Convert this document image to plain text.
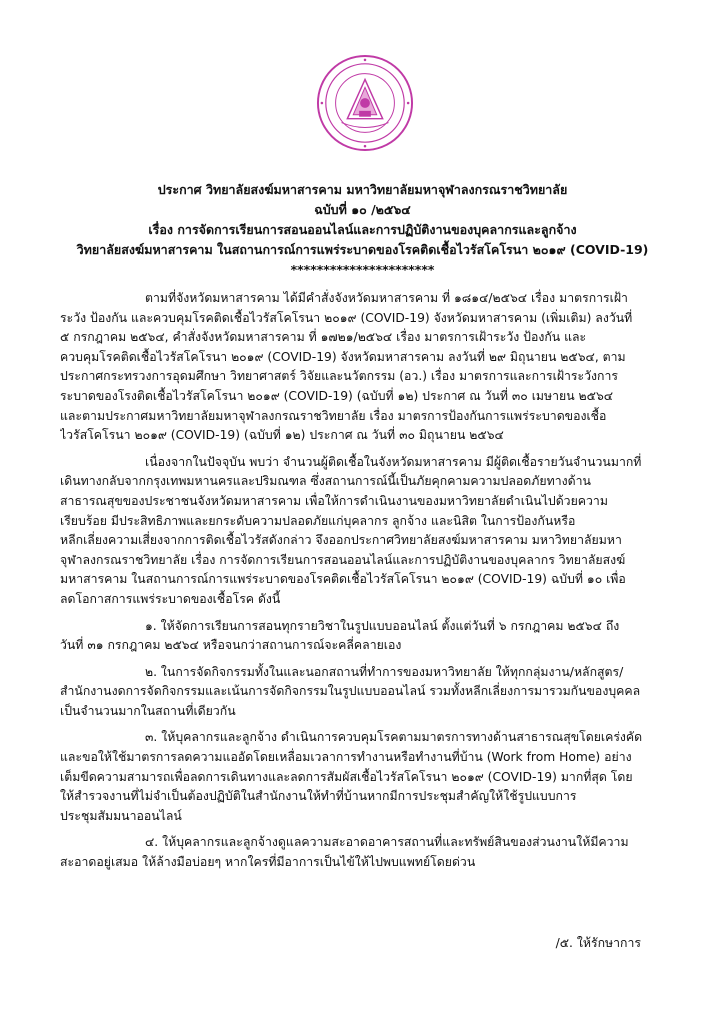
ประกาศ วิทยาลัยสงฆ์มหาสารคาม มหาวิทยาลัยมหาจุฬาลงกรณราชวิทยาลัย
ฉบับที่ ๑๐ /๒๕๖๔
เรื่อง การจัดการเรียนการสอนออนไลน์และการปฏิบัติงานของบุคลากรและลูกจ้าง
วิทยาลัยสงฆ์มหาสารคาม ในสถานการณ์การแพร่ระบาดของโรคติดเชื้อไวรัสโคโรนา ๒๐๑๙ (COVID-19)
**********************
ตามที่จังหวัดมหาสารคาม ได้มีคำสั่งจังหวัดมหาสารคาม ที่ ๑๘๑๔/๒๕๖๔ เรื่อง มาตรการเฝ้า
ระวัง ป้องกัน และควบคุมโรคติดเชื้อไวรัสโคโรนา ๒๐๑๙ (COVID-19) จังหวัดมหาสารคาม (เพิ่มเติม) ลงวันที่
๕ กรกฎาคม ๒๕๖๔, คำสั่งจังหวัดมหาสารคาม ที่ ๑๗๒๑/๒๕๖๔ เรื่อง มาตรการเฝ้าระวัง ป้องกัน และ
ควบคุมโรคติดเชื้อไวรัสโคโรนา ๒๐๑๙ (COVID-19) จังหวัดมหาสารคาม ลงวันที่ ๒๙ มิถุนายน ๒๕๖๔, ตาม
ประกาศกระทรวงการอุดมศึกษา วิทยาศาสตร์ วิจัยและนวัตกรรม (อว.) เรื่อง มาตรการและการเฝ้าระวังการ
ระบาดของโรงติดเชื้อไวรัสโคโรนา ๒๐๑๙ (COVID-19) (ฉบับที่ ๑๒) ประกาศ ณ วันที่ ๓๐ เมษายน ๒๕๖๔
และตามประกาศมหาวิทยาลัยมหาจุฬาลงกรณราชวิทยาลัย เรื่อง มาตรการป้องกันการแพร่ระบาดของเชื้อ
ไวรัสโคโรนา ๒๐๑๙ (COVID-19) (ฉบับที่ ๑๒) ประกาศ ณ วันที่ ๓๐ มิถุนายน ๒๕๖๔
เนื่องจากในปัจจุบัน พบว่า จำนวนผู้ติดเชื้อในจังหวัดมหาสารคาม มีผู้ติดเชื้อรายวันจำนวนมากที่
เดินทางกลับจากกรุงเทพมหานครและปริมณฑล ซึ่งสถานการณ์นี้เป็นภัยคุกคามความปลอดภัยทางด้าน
สาธารณสุขของประชาชนจังหวัดมหาสารคาม เพื่อให้การดำเนินงานของมหาวิทยาลัยดำเนินไปด้วยความ
เรียบร้อย มีประสิทธิภาพและยกระดับความปลอดภัยแก่บุคลากร ลูกจ้าง และนิสิต ในการป้องกันหรือ
หลีกเลี่ยงความเสี่ยงจากการติดเชื้อไวรัสดังกล่าว จึงออกประกาศวิทยาลัยสงฆ์มหาสารคาม มหาวิทยาลัยมหา
จุฬาลงกรณราชวิทยาลัย เรื่อง การจัดการเรียนการสอนออนไลน์และการปฏิบัติงานของบุคลากร วิทยาลัยสงฆ์
มหาสารคาม ในสถานการณ์การแพร่ระบาดของโรคติดเชื้อไวรัสโคโรนา ๒๐๑๙ (COVID-19) ฉบับที่ ๑๐ เพื่อ
ลดโอกาสการแพร่ระบาดของเชื้อโรค ดังนี้
๑. ให้จัดการเรียนการสอนทุกรายวิชาในรูปแบบออนไลน์ ตั้งแต่วันที่ ๖ กรกฎาคม ๒๕๖๔ ถึง
วันที่ ๓๑ กรกฎาคม ๒๕๖๔ หรือจนกว่าสถานการณ์จะคลี่คลายเอง
๒. ในการจัดกิจกรรมทั้งในและนอกสถานที่ทำการของมหาวิทยาลัย ให้ทุกกลุ่มงาน/หลักสูตร/
สำนักงานงดการจัดกิจกรรมและเน้นการจัดกิจกรรมในรูปแบบออนไลน์ รวมทั้งหลีกเลี่ยงการมารวมกันของบุคคล
เป็นจำนวนมากในสถานที่เดียวกัน
๓. ให้บุคลากรและลูกจ้าง ดำเนินการควบคุมโรคตามมาตรการทางด้านสาธารณสุขโดยเคร่งคัด
และขอให้ใช้มาตรการลดความแออัดโดยเหลื่อมเวลาการทำงานหรือทำงานที่บ้าน (Work from Home) อย่าง
เต็มขีดความสามารถเพื่อลดการเดินทางและลดการสัมผัสเชื้อไวรัสโคโรนา ๒๐๑๙ (COVID-19) มากที่สุด โดย
ให้สำรวจงานที่ไม่จำเป็นต้องปฏิบัติในสำนักงานให้ทำที่บ้านหากมีการประชุมสำคัญให้ใช้รูปแบบการ
ประชุมสัมมนาออนไลน์
๔. ให้บุคลากรและลูกจ้างดูแลความสะอาดอาคารสถานที่และทรัพย์สินของส่วนงานให้มีความ
สะอาดอยู่เสมอ ให้ล้างมือบ่อยๆ หากใครที่มีอาการเป็นไข้ให้ไปพบแพทย์โดยด่วน
/๕. ให้รักษาการ
